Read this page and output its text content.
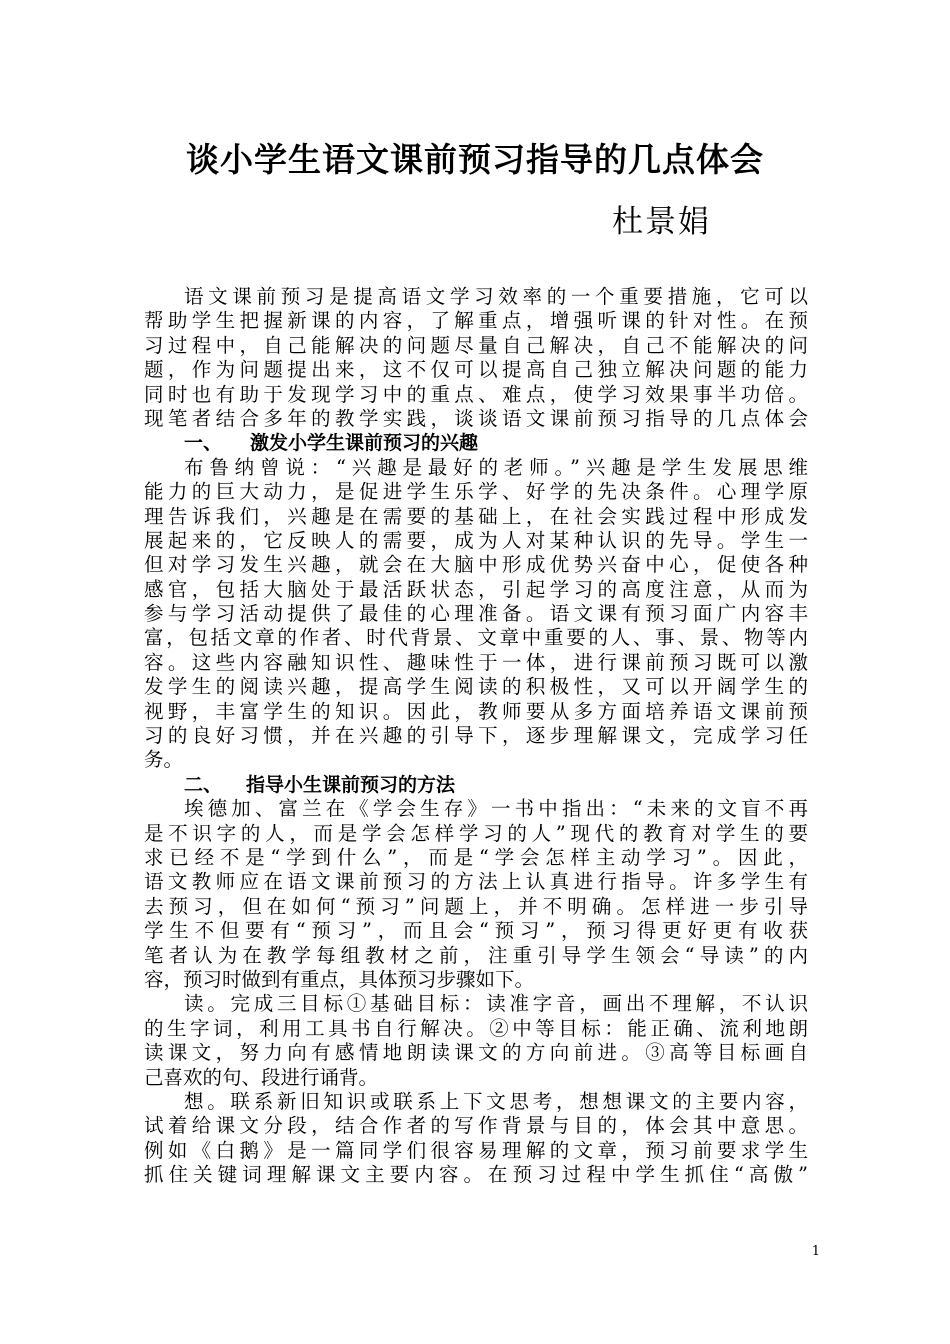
谈小学生语文课前预习指导的几点体会
杜景娟
语文课前预习是提高语文学习效率的一个重要措施，它可以
帮助学生把握新课的内容，了解重点，增强听课的针对性。在预
习过程中，自己能解决的问题尽量自己解决，自己不能解决的问
题，作为问题提出来，这不仅可以提高自己独立解决问题的能力
同时也有助于发现学习中的重点、难点，使学习效果事半功倍。
现笔者结合多年的教学实践，谈谈语文课前预习指导的几点体会
一、 激发小学生课前预习的兴趣
布鲁纳曾说：“兴趣是最好的老师。”兴趣是学生发展思维
能力的巨大动力，是促进学生乐学、好学的先决条件。心理学原
理告诉我们，兴趣是在需要的基础上，在社会实践过程中形成发
展起来的，它反映人的需要，成为人对某种认识的先导。学生一
但对学习发生兴趣，就会在大脑中形成优势兴奋中心，促使各种
感官，包括大脑处于最活跃状态，引起学习的高度注意，从而为
参与学习活动提供了最佳的心理准备。语文课有预习面广内容丰
富，包括文章的作者、时代背景、文章中重要的人、事、景、物等内
容。这些内容融知识性、趣味性于一体，进行课前预习既可以激
发学生的阅读兴趣，提高学生阅读的积极性，又可以开阔学生的
视野，丰富学生的知识。因此，教师要从多方面培养语文课前预
习的良好习惯，并在兴趣的引导下，逐步理解课文，完成学习任
务。
二、 指导小生课前预习的方法
埃德加、富兰在《学会生存》一书中指出：“未来的文盲不再
是不识字的人，而是学会怎样学习的人”现代的教育对学生的要
求已经不是“学到什么”，而是“学会怎样主动学习”。因此，
语文教师应在语文课前预习的方法上认真进行指导。许多学生有
去预习，但在如何“预习”问题上，并不明确。怎样进一步引导
学生不但要有“预习”，而且会“预习”，预习得更好更有收获
笔者认为在教学每组教材之前，注重引导学生领会“导读”的内
容，预习时做到有重点，具体预习步骤如下。
读。完成三目标①基础目标：读准字音，画出不理解，不认识
的生字词，利用工具书自行解决。②中等目标：能正确、流利地朗
读课文，努力向有感情地朗读课文的方向前进。③高等目标画自
己喜欢的句、段进行诵背。
想。联系新旧知识或联系上下文思考，想想课文的主要内容，
试着给课文分段，结合作者的写作背景与目的，体会其中意思。
例如《白鹅》是一篇同学们很容易理解的文章，预习前要求学生
抓住关键词理解课文主要内容。在预习过程中学生抓住“高傲”
1
